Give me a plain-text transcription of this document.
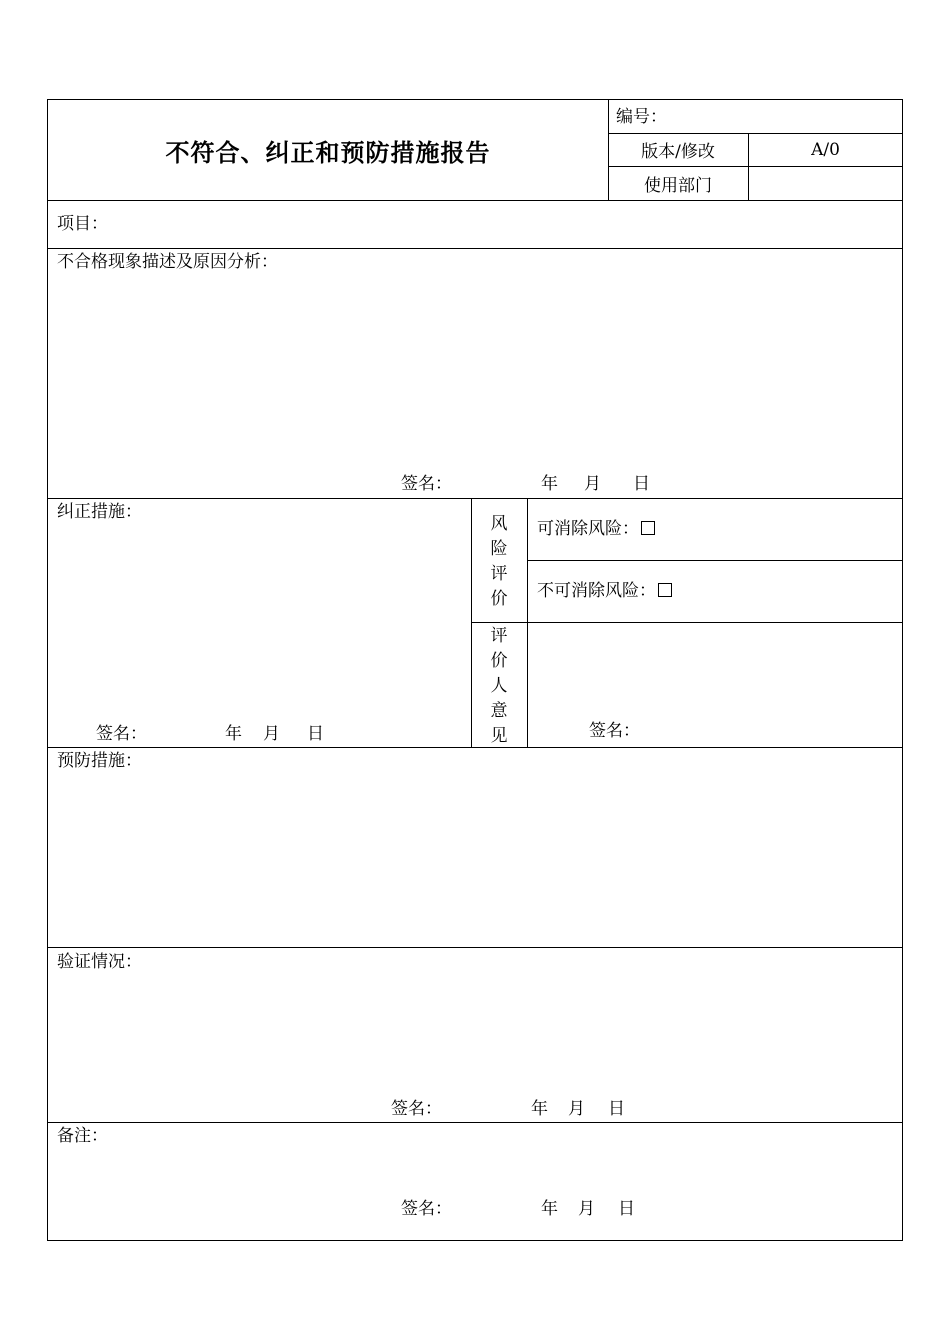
不符合、纠正和预防措施报告
编号：
版本/修改	A/0
使用部门
项目：
不合格现象描述及原因分析：
签名：	年 月 日
纠正措施：
签名：	年 月 日
风
险
评
价
可消除风险：
不可消除风险：
评
价
人
意
见	签名：
预防措施：
验证情况：
签名：	年 月 日
备注：
签名：	年 月 日
